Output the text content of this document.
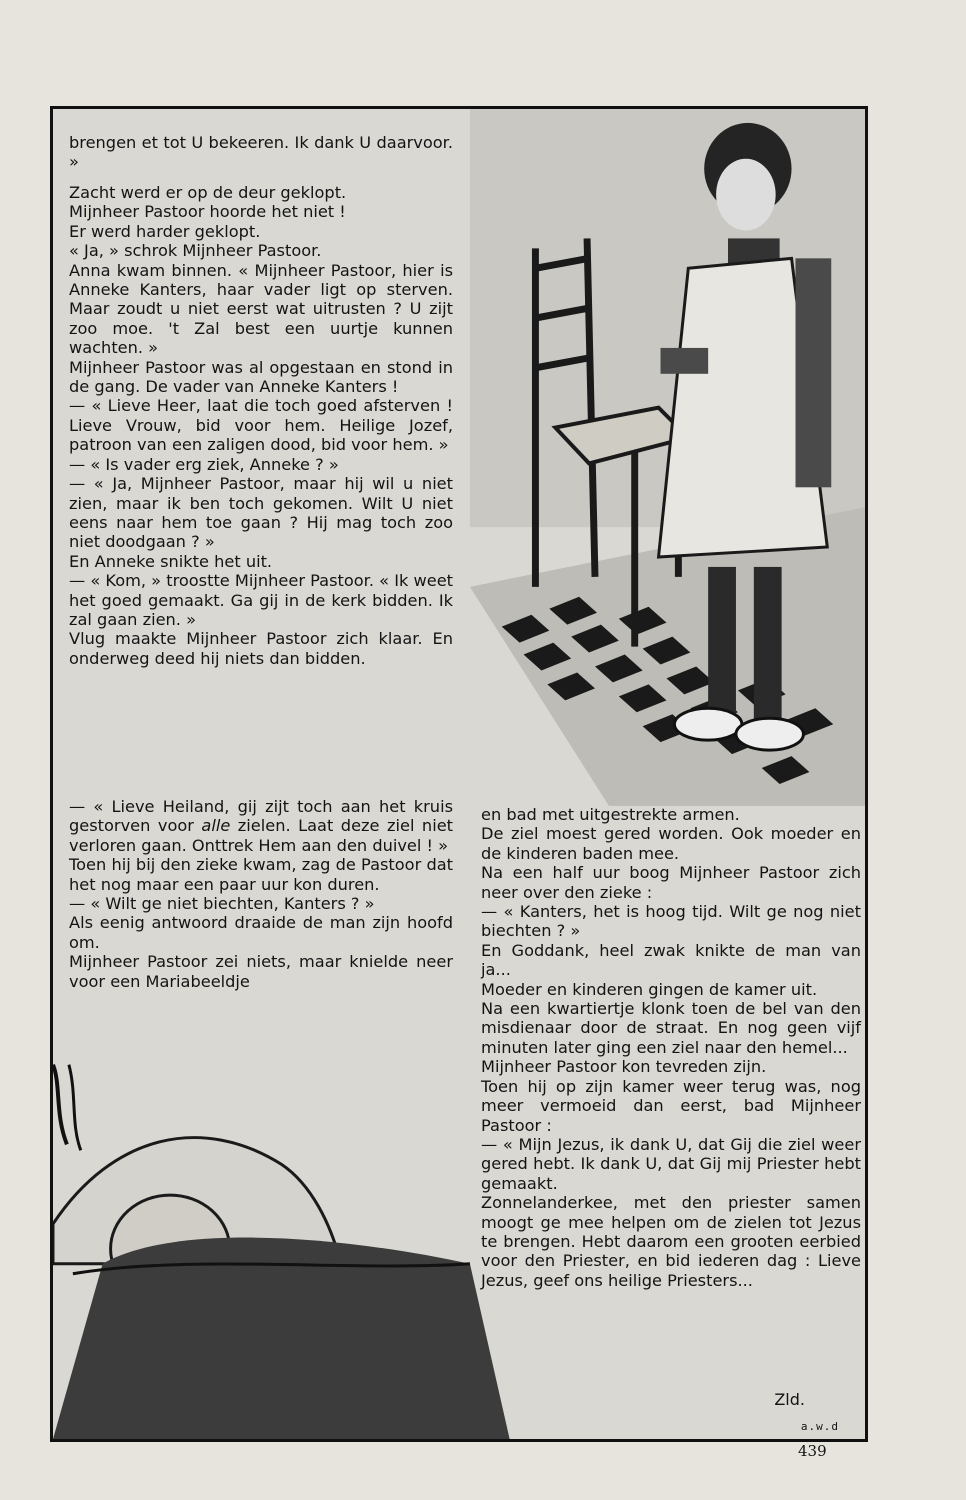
brengen et tot U bekeeren. Ik dank U daarvoor. »

Zacht werd er op de deur geklopt.
Mijnheer Pastoor hoorde het niet !
Er werd harder geklopt.
« Ja, » schrok Mijnheer Pastoor.
Anna kwam binnen. « Mijnheer Pastoor, hier is Anneke Kanters, haar vader ligt op sterven. Maar zoudt u niet eerst wat uitrusten ? U zijt zoo moe. 't Zal best een uurtje kunnen wachten. »
Mijnheer Pastoor was al opgestaan en stond in de gang. De vader van Anneke Kanters !
— « Lieve Heer, laat die toch goed afsterven ! Lieve Vrouw, bid voor hem. Heilige Jozef, patroon van een zaligen dood, bid voor hem. »
— « Is vader erg ziek, Anneke ? »
— « Ja, Mijnheer Pastoor, maar hij wil u niet zien, maar ik ben toch gekomen. Wilt U niet eens naar hem toe gaan ? Hij mag toch zoo niet doodgaan ? »
En Anneke snikte het uit.
— « Kom, » troostte Mijnheer Pastoor. « Ik weet het goed gemaakt. Ga gij in de kerk bidden. Ik zal gaan zien. »
Vlug maakte Mijnheer Pastoor zich klaar. En onderweg deed hij niets dan bidden.

— « Lieve Heiland, gij zijt toch aan het kruis gestorven voor alle zielen. Laat deze ziel niet verloren gaan. Onttrek Hem aan den duivel ! »
Toen hij bij den zieke kwam, zag de Pastoor dat het nog maar een paar uur kon duren.
— « Wilt ge niet biechten, Kanters ? »
Als eenig antwoord draaide de man zijn hoofd om.
Mijnheer Pastoor zei niets, maar knielde neer voor een Mariabeeldje

en bad met uitgestrekte armen.
De ziel moest gered worden. Ook moeder en de kinderen baden mee.
Na een half uur boog Mijnheer Pastoor zich neer over den zieke :
— « Kanters, het is hoog tijd. Wilt ge nog niet biechten ? »
En Goddank, heel zwak knikte de man van ja...
Moeder en kinderen gingen de kamer uit.
Na een kwartiertje klonk toen de bel van den misdienaar door de straat. En nog geen vijf minuten later ging een ziel naar den hemel...
Mijnheer Pastoor kon tevreden zijn.
Toen hij op zijn kamer weer terug was, nog meer vermoeid dan eerst, bad Mijnheer Pastoor :
— « Mijn Jezus, ik dank U, dat Gij die ziel weer gered hebt. Ik dank U, dat Gij mij Priester hebt gemaakt.
Zonnelanderkee, met den priester samen moogt ge mee helpen om de zielen tot Jezus te brengen. Hebt daarom een grooten eerbied voor den Priester, en bid iederen dag : Lieve Jezus, geef ons heilige Priesters...

Zld.
a.w.d
439
